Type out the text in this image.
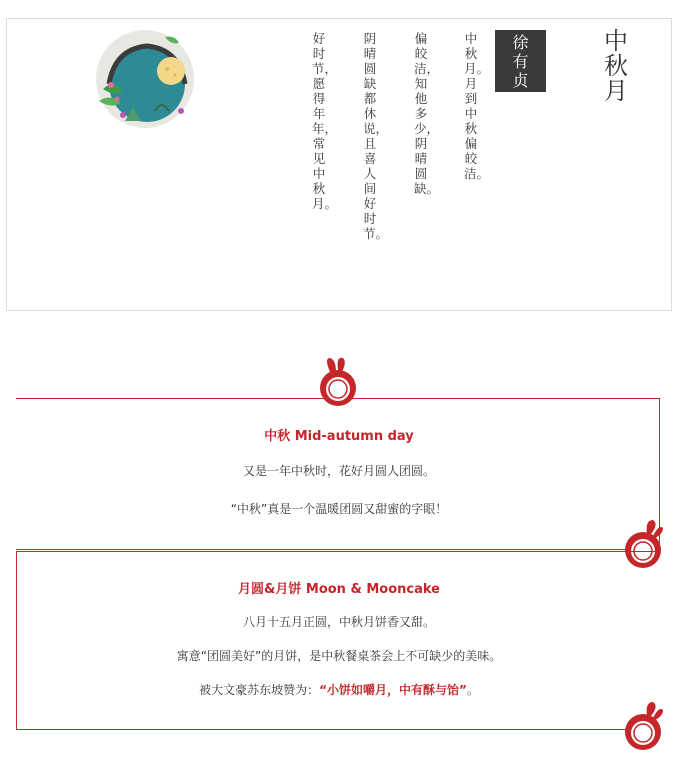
好时节，愿得年年，常见中秋月。
阴晴圆缺都休说，且喜人间好时节。
偏皎洁，知他多少，阴晴圆缺。
中秋月。月到中秋偏皎洁。
徐
有
贞
中秋月
中秋 Mid-autumn day
又是一年中秋时，花好月圆人团圆。
“中秋”真是一个温暖团圆又甜蜜的字眼！
月圆&月饼 Moon & Mooncake
八月十五月正圆，中秋月饼香又甜。
寓意“团圆美好”的月饼，是中秋餐桌茶会上不可缺少的美味。
被大文豪苏东坡赞为：“小饼如嚼月，中有酥与饴”。
